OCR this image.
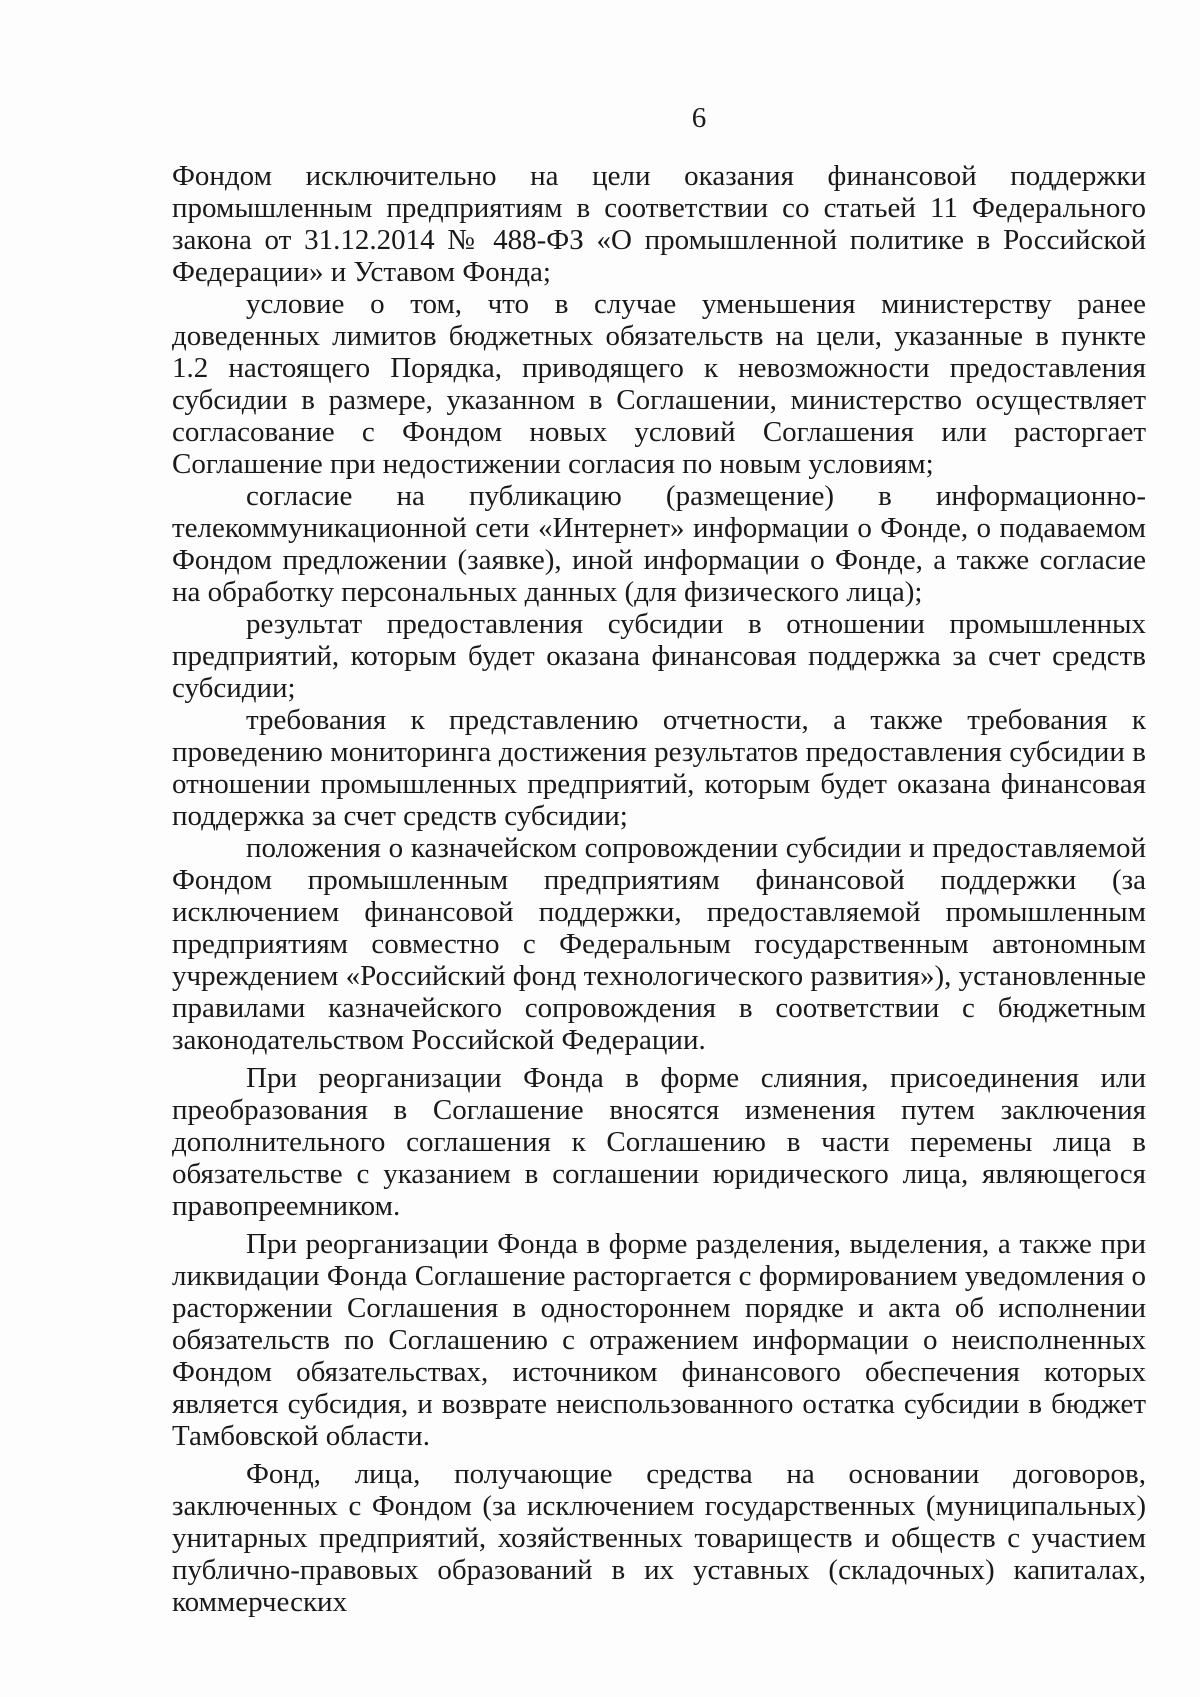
6

Фондом исключительно на цели оказания финансовой поддержки промышленным предприятиям в соответствии со статьей 11 Федерального закона от 31.12.2014 № 488-ФЗ «О промышленной политике в Российской Федерации» и Уставом Фонда;

условие о том, что в случае уменьшения министерству ранее доведенных лимитов бюджетных обязательств на цели, указанные в пункте 1.2 настоящего Порядка, приводящего к невозможности предоставления субсидии в размере, указанном в Соглашении, министерство осуществляет согласование с Фондом новых условий Соглашения или расторгает Соглашение при недостижении согласия по новым условиям;

согласие на публикацию (размещение) в информационно-телекоммуникационной сети «Интернет» информации о Фонде, о подаваемом Фондом предложении (заявке), иной информации о Фонде, а также согласие на обработку персональных данных (для физического лица);

результат предоставления субсидии в отношении промышленных предприятий, которым будет оказана финансовая поддержка за счет средств субсидии;

требования к представлению отчетности, а также требования к проведению мониторинга достижения результатов предоставления субсидии в отношении промышленных предприятий, которым будет оказана финансовая поддержка за счет средств субсидии;

положения о казначейском сопровождении субсидии и предоставляемой Фондом промышленным предприятиям финансовой поддержки (за исключением финансовой поддержки, предоставляемой промышленным предприятиям совместно с Федеральным государственным автономным учреждением «Российский фонд технологического развития»), установленные правилами казначейского сопровождения в соответствии с бюджетным законодательством Российской Федерации.

При реорганизации Фонда в форме слияния, присоединения или преобразования в Соглашение вносятся изменения путем заключения дополнительного соглашения к Соглашению в части перемены лица в обязательстве с указанием в соглашении юридического лица, являющегося правопреемником.

При реорганизации Фонда в форме разделения, выделения, а также при ликвидации Фонда Соглашение расторгается с формированием уведомления о расторжении Соглашения в одностороннем порядке и акта об исполнении обязательств по Соглашению с отражением информации о неисполненных Фондом обязательствах, источником финансового обеспечения которых является субсидия, и возврате неиспользованного остатка субсидии в бюджет Тамбовской области.

Фонд, лица, получающие средства на основании договоров, заключенных с Фондом (за исключением государственных (муниципальных) унитарных предприятий, хозяйственных товариществ и обществ с участием публично-правовых образований в их уставных (складочных) капиталах, коммерческих
